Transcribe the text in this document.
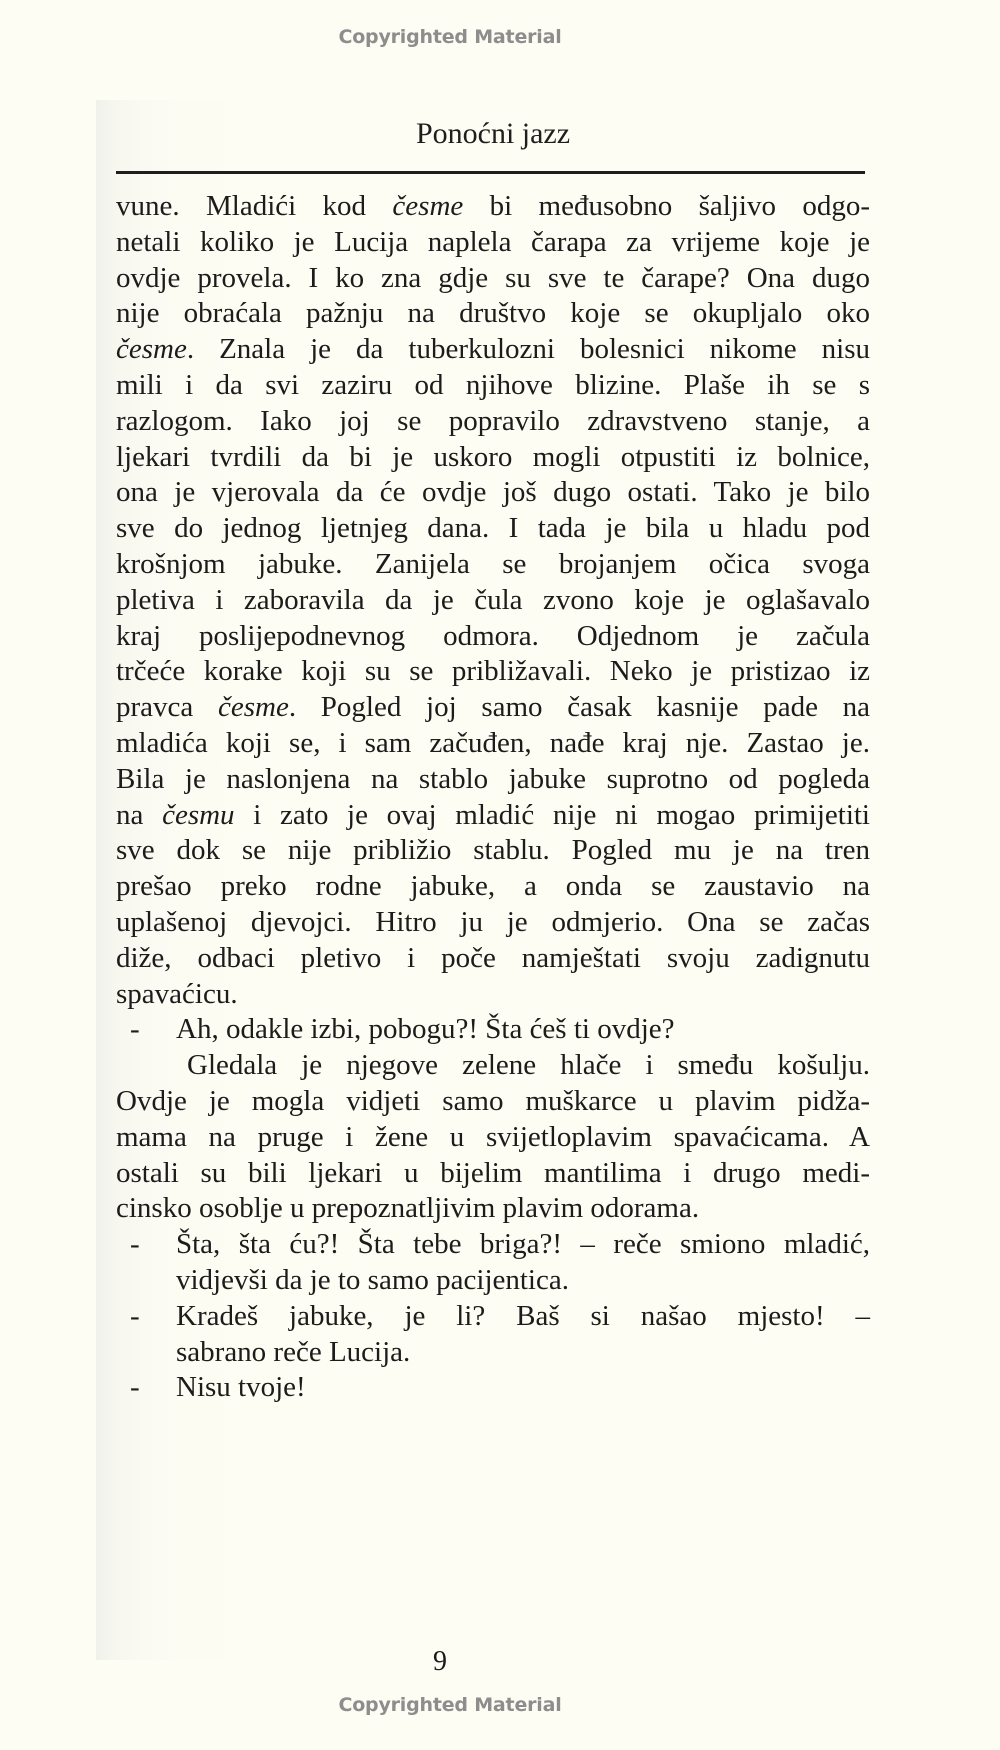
Copyrighted Material
Ponoćni jazz
vune. Mladići kod česme bi međusobno šaljivo odgo-
netali koliko je Lucija naplela čarapa za vrijeme koje je
ovdje provela. I ko zna gdje su sve te čarape? Ona dugo
nije obraćala pažnju na društvo koje se okupljalo oko
česme. Znala je da tuberkulozni bolesnici nikome nisu
mili i da svi zaziru od njihove blizine. Plaše ih se s
razlogom. Iako joj se popravilo zdravstveno stanje, a
ljekari tvrdili da bi je uskoro mogli otpustiti iz bolnice,
ona je vjerovala da će ovdje još dugo ostati. Tako je bilo
sve do jednog ljetnjeg dana. I tada je bila u hladu pod
krošnjom jabuke. Zanijela se brojanjem očica svoga
pletiva i zaboravila da je čula zvono koje je oglašavalo
kraj poslijepodnevnog odmora. Odjednom je začula
trčeće korake koji su se približavali. Neko je pristizao iz
pravca česme. Pogled joj samo časak kasnije pade na
mladića koji se, i sam začuđen, nađe kraj nje. Zastao je.
Bila je naslonjena na stablo jabuke suprotno od pogleda
na česmu i zato je ovaj mladić nije ni mogao primijetiti
sve dok se nije približio stablu. Pogled mu je na tren
prešao preko rodne jabuke, a onda se zaustavio na
uplašenoj djevojci. Hitro ju je odmjerio. Ona se začas
diže, odbaci pletivo i poče namještati svoju zadignutu
spavaćicu.
- Ah, odakle izbi, pobogu?! Šta ćeš ti ovdje?
Gledala je njegove zelene hlače i smeđu košulju.
Ovdje je mogla vidjeti samo muškarce u plavim pidža-
mama na pruge i žene u svijetloplavim spavaćicama. A
ostali su bili ljekari u bijelim mantilima i drugo medi-
cinsko osoblje u prepoznatljivim plavim odorama.
- Šta, šta ću?! Šta tebe briga?! – reče smiono mladić,
vidjevši da je to samo pacijentica.
- Kradeš jabuke, je li? Baš si našao mjesto! –
sabrano reče Lucija.
- Nisu tvoje!
9
Copyrighted Material
